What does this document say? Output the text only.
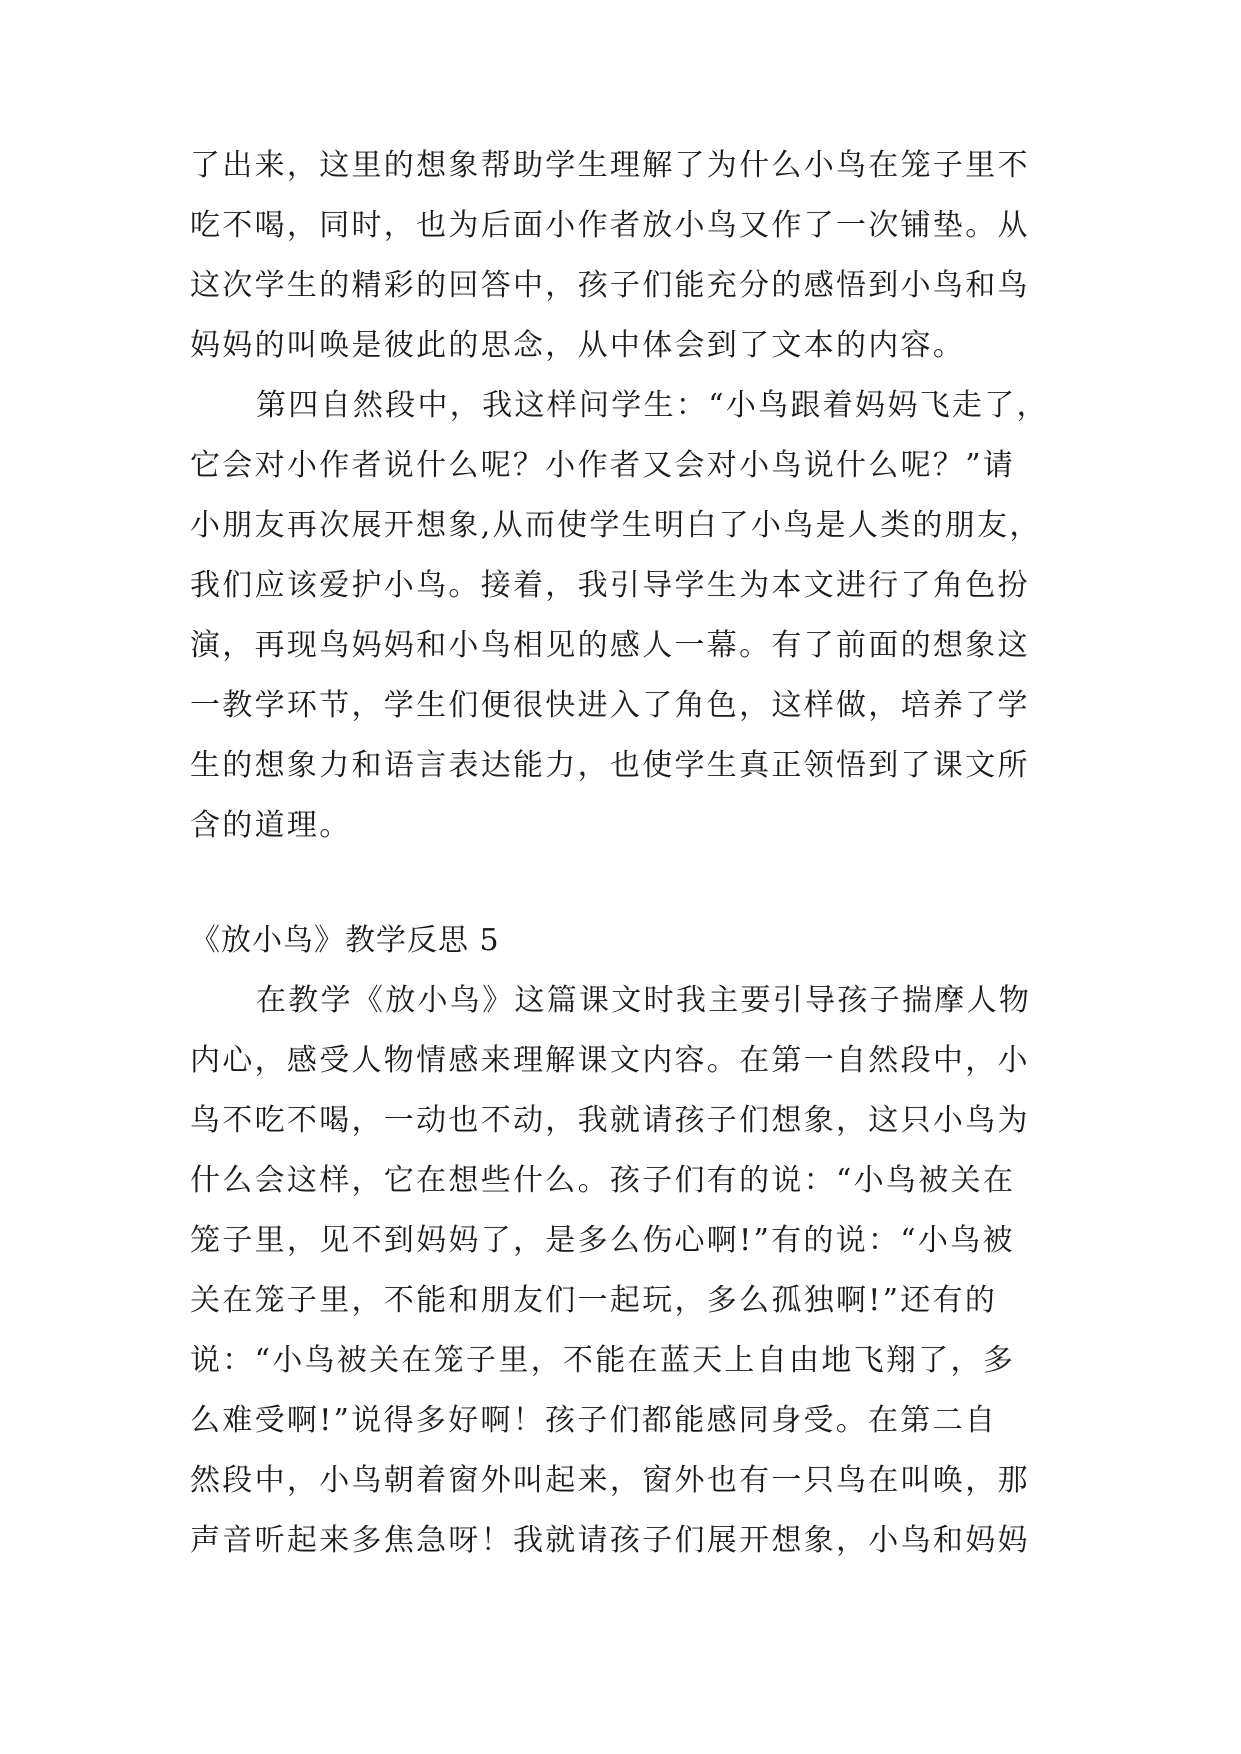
了出来，这里的想象帮助学生理解了为什么小鸟在笼子里不
吃不喝，同时，也为后面小作者放小鸟又作了一次铺垫。从
这次学生的精彩的回答中，孩子们能充分的感悟到小鸟和鸟
妈妈的叫唤是彼此的思念，从中体会到了文本的内容。
第四自然段中，我这样问学生：“小鸟跟着妈妈飞走了，
它会对小作者说什么呢？小作者又会对小鸟说什么呢？”请
小朋友再次展开想象,从而使学生明白了小鸟是人类的朋友，
我们应该爱护小鸟。接着，我引导学生为本文进行了角色扮
演，再现鸟妈妈和小鸟相见的感人一幕。有了前面的想象这
一教学环节，学生们便很快进入了角色，这样做，培养了学
生的想象力和语言表达能力，也使学生真正领悟到了课文所
含的道理。
《放小鸟》教学反思 5
在教学《放小鸟》这篇课文时我主要引导孩子揣摩人物
内心，感受人物情感来理解课文内容。在第一自然段中，小
鸟不吃不喝，一动也不动，我就请孩子们想象，这只小鸟为
什么会这样，它在想些什么。孩子们有的说：“小鸟被关在
笼子里，见不到妈妈了，是多么伤心啊!”有的说：“小鸟被
关在笼子里，不能和朋友们一起玩，多么孤独啊!”还有的
说：“小鸟被关在笼子里，不能在蓝天上自由地飞翔了，多
么难受啊!”说得多好啊！孩子们都能感同身受。在第二自
然段中，小鸟朝着窗外叫起来，窗外也有一只鸟在叫唤，那
声音听起来多焦急呀！我就请孩子们展开想象，小鸟和妈妈
